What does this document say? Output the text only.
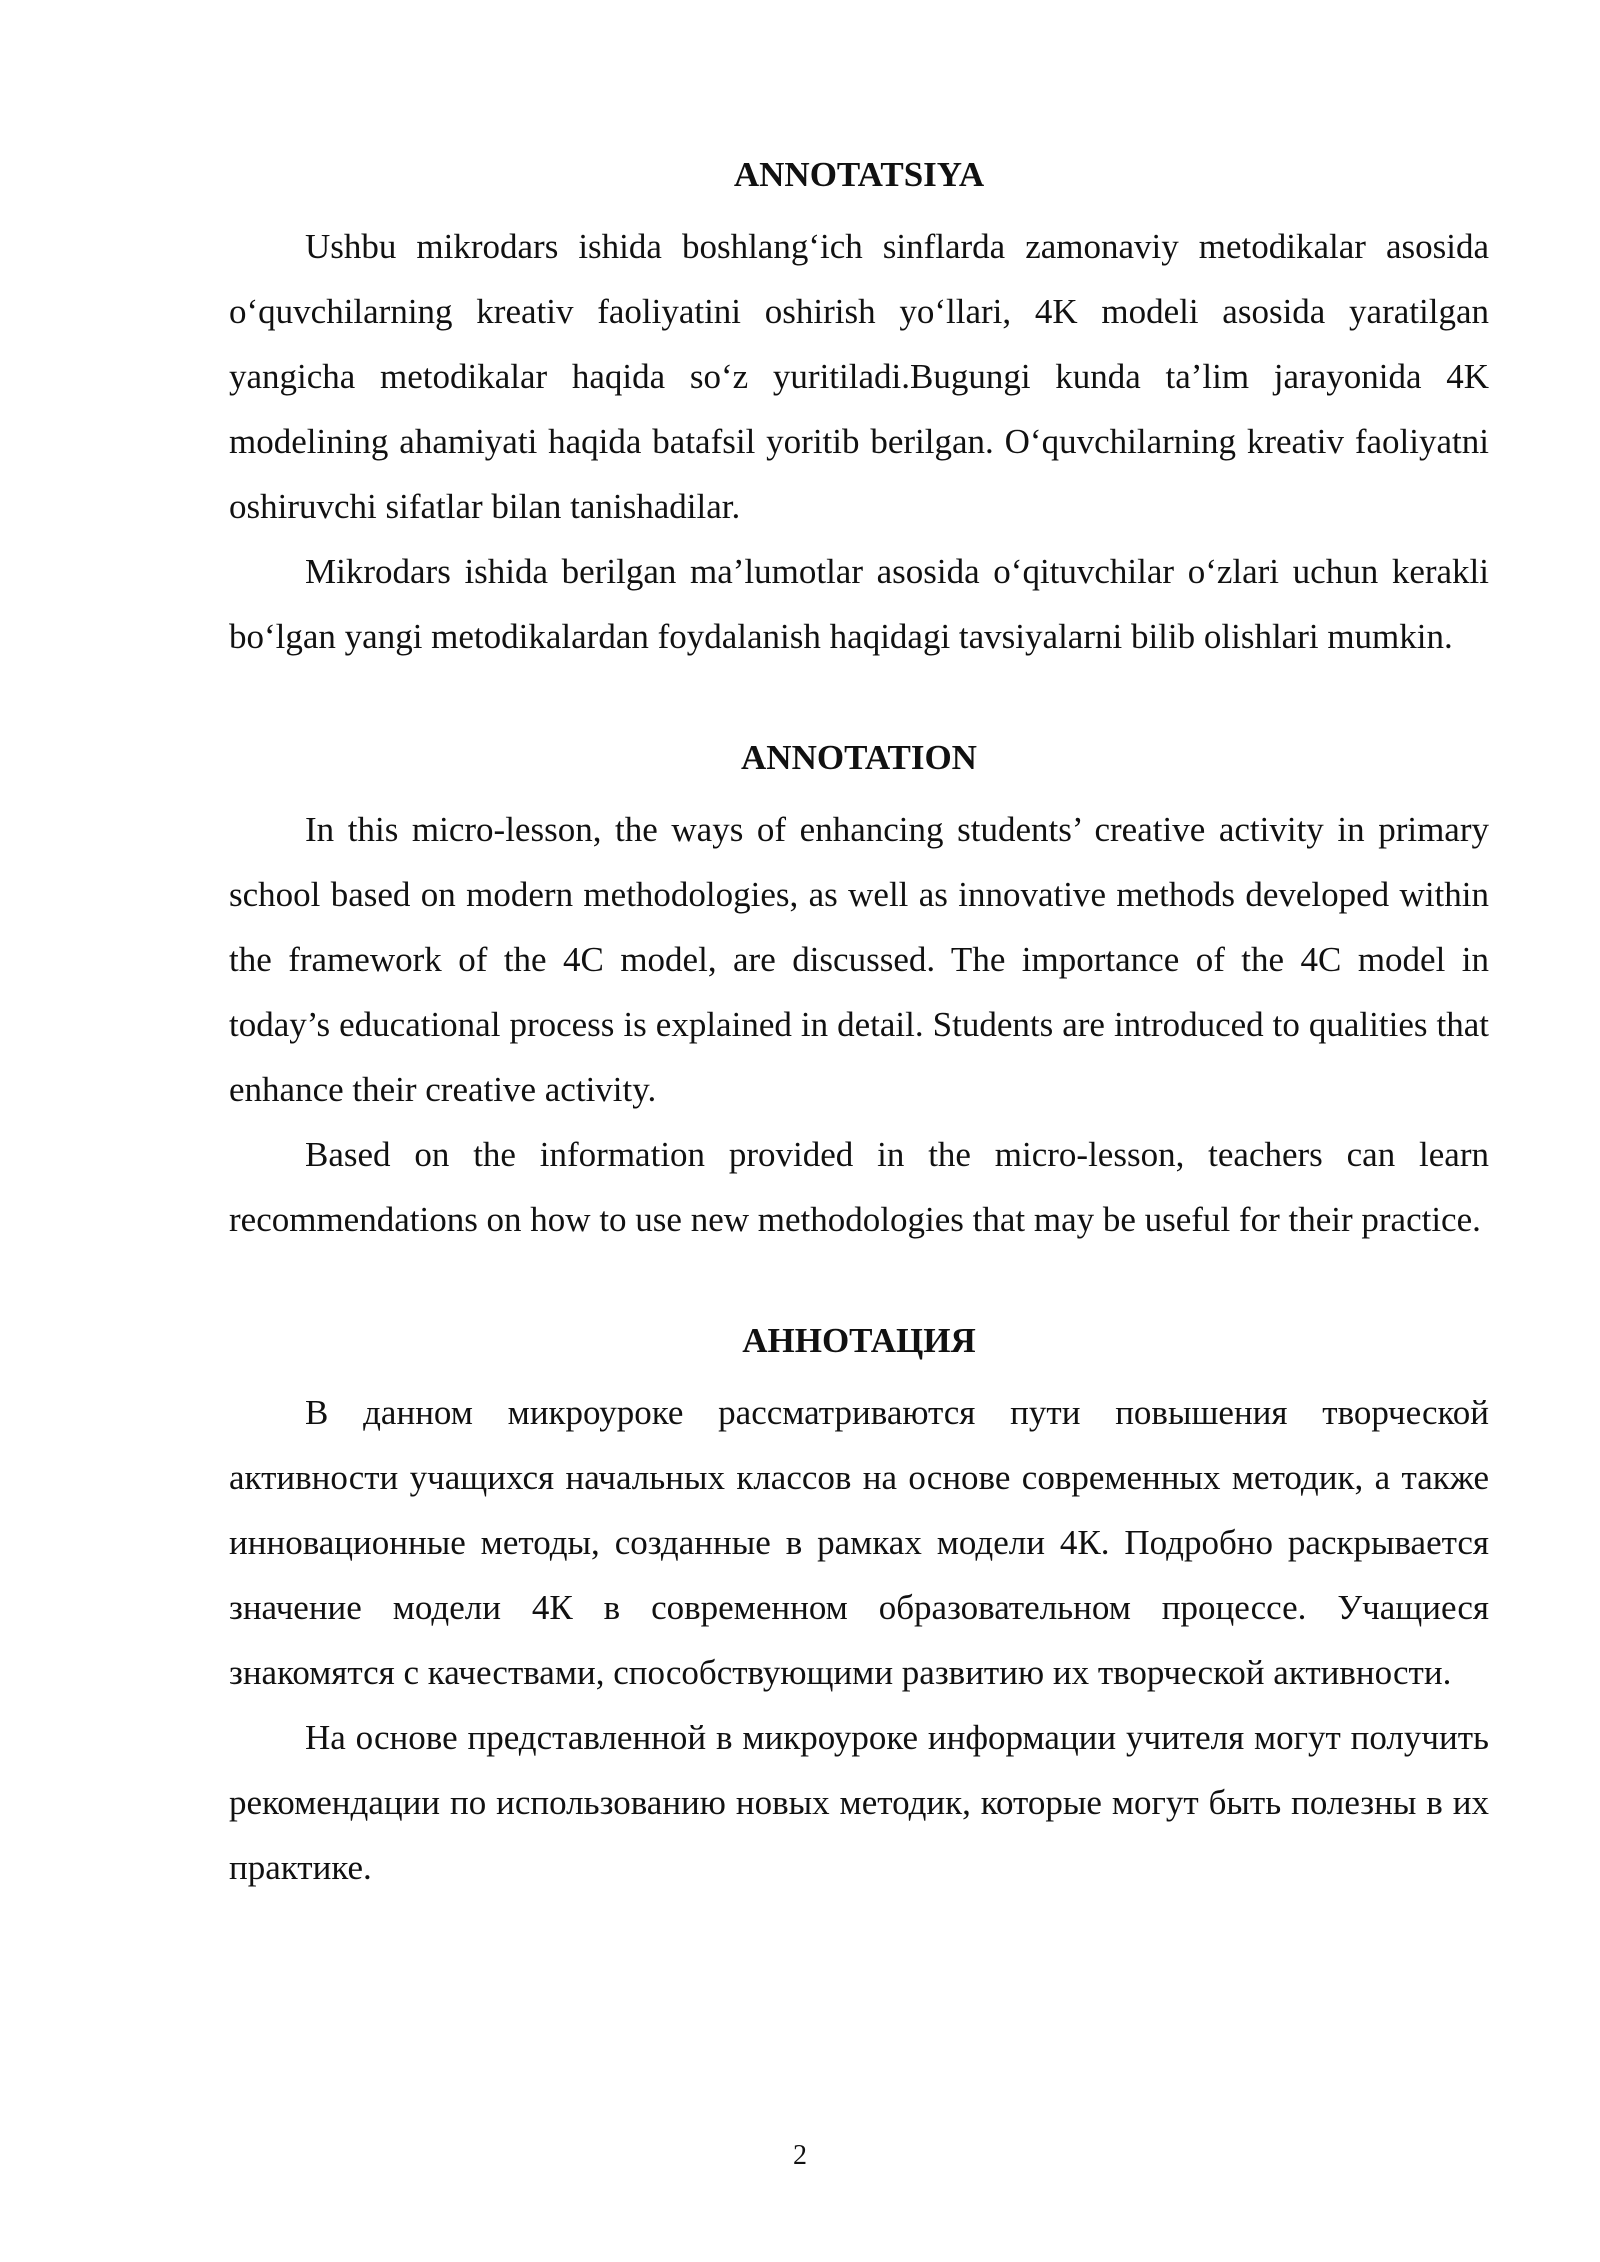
ANNOTATSIYA

Ushbu mikrodars ishida boshlang‘ich sinflarda zamonaviy metodikalar asosida o‘quvchilarning kreativ faoliyatini oshirish yo‘llari, 4K modeli asosida yaratilgan yangicha metodikalar haqida so‘z yuritiladi.Bugungi kunda ta’lim jarayonida 4K modelining ahamiyati haqida batafsil yoritib berilgan. O‘quvchilarning kreativ faoliyatni oshiruvchi sifatlar bilan tanishadilar.

Mikrodars ishida berilgan ma’lumotlar asosida o‘qituvchilar o‘zlari uchun kerakli bo‘lgan yangi metodikalardan foydalanish haqidagi tavsiyalarni bilib olishlari mumkin.

ANNOTATION

In this micro-lesson, the ways of enhancing students’ creative activity in primary school based on modern methodologies, as well as innovative methods developed within the framework of the 4C model, are discussed. The importance of the 4C model in today’s educational process is explained in detail. Students are introduced to qualities that enhance their creative activity.

Based on the information provided in the micro-lesson, teachers can learn recommendations on how to use new methodologies that may be useful for their practice.

АННОТАЦИЯ

В данном микроуроке рассматриваются пути повышения творческой активности учащихся начальных классов на основе современных методик, а также инновационные методы, созданные в рамках модели 4К. Подробно раскрывается значение модели 4К в современном образовательном процессе. Учащиеся знакомятся с качествами, способствующими развитию их творческой активности.

На основе представленной в микроуроке информации учителя могут получить рекомендации по использованию новых методик, которые могут быть полезны в их практике.

2
